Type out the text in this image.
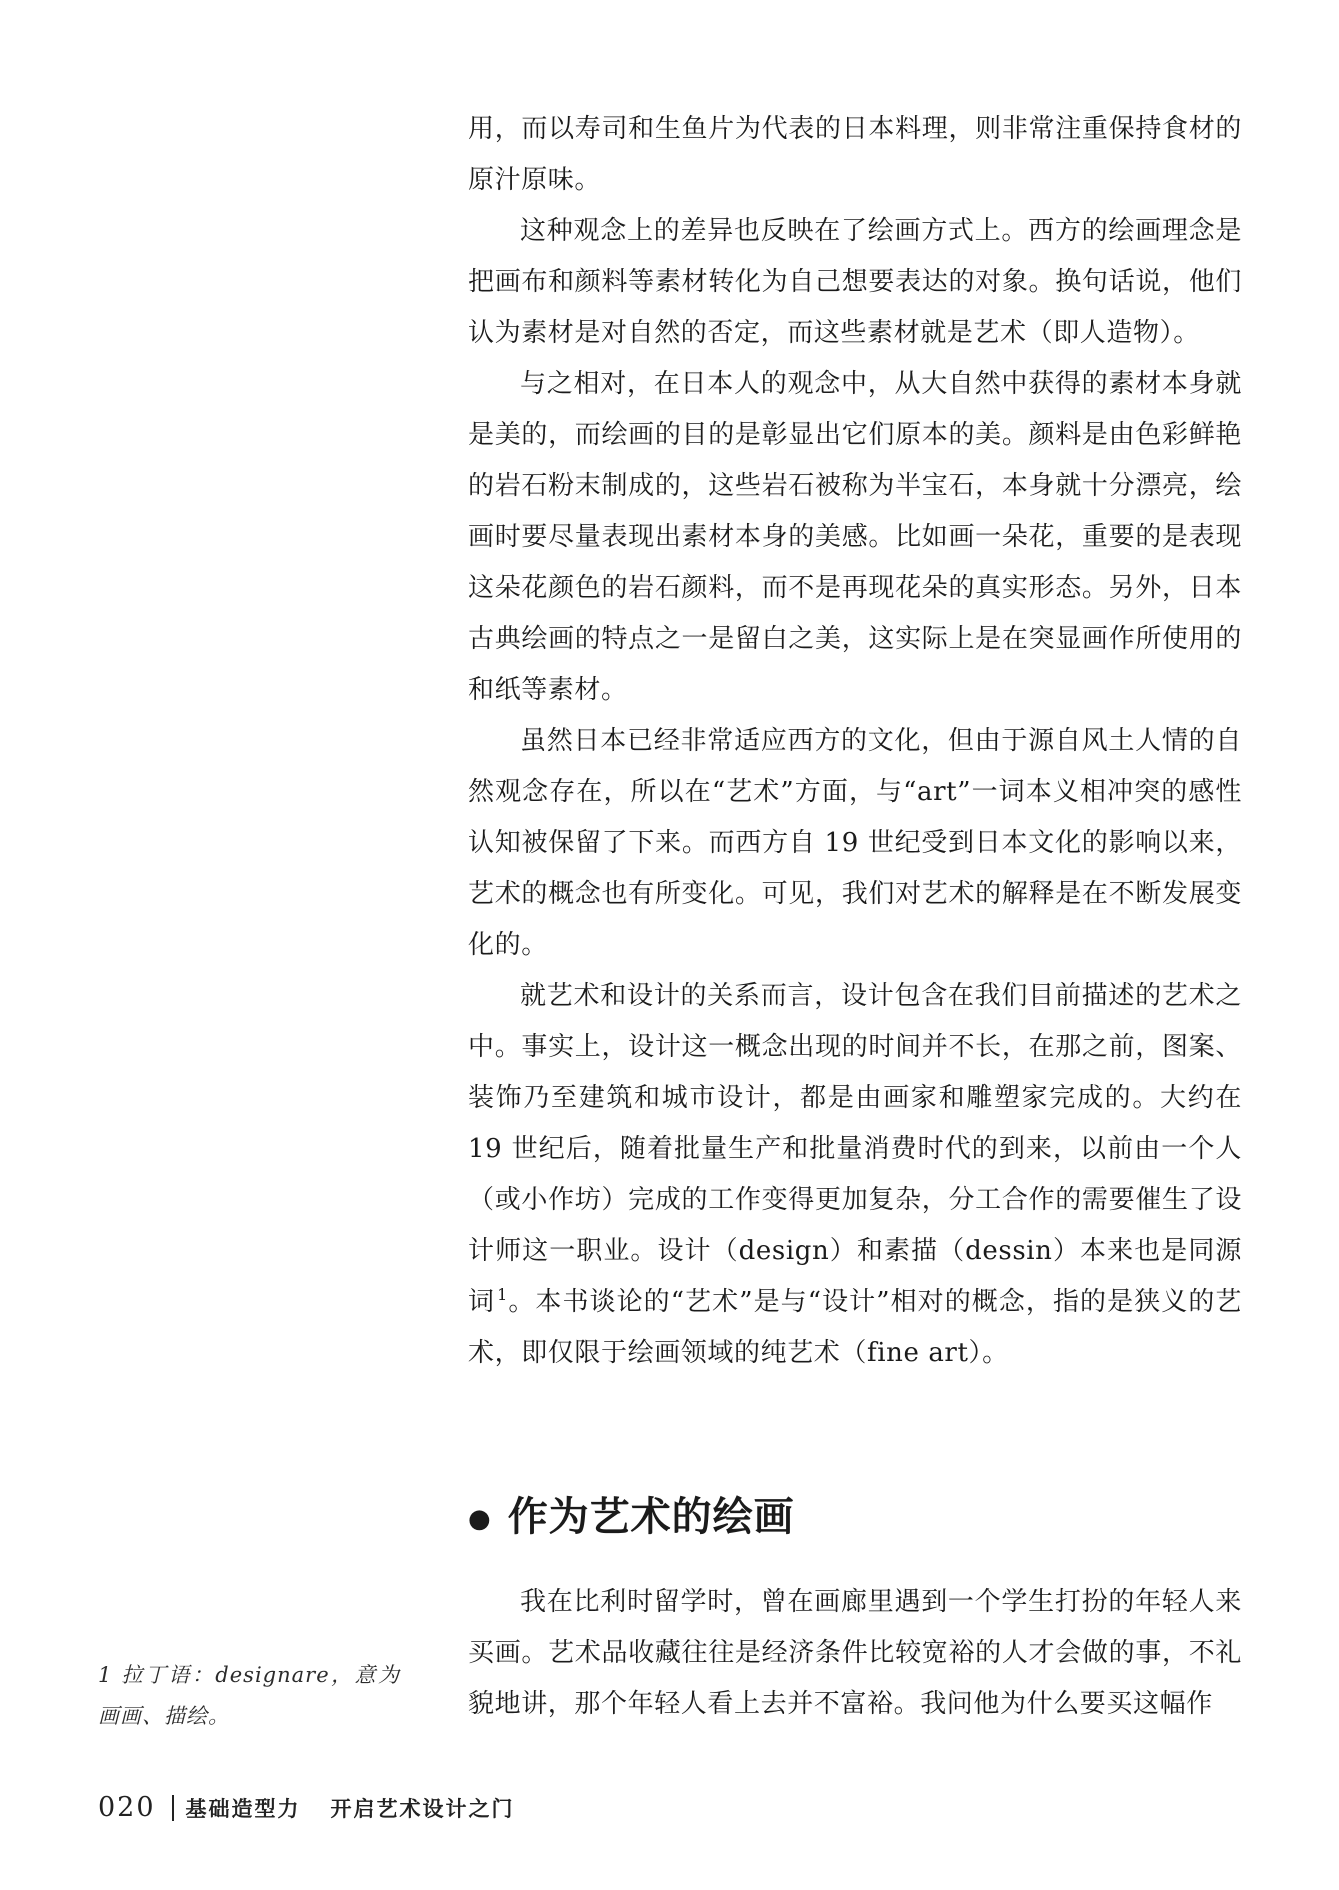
用，而以寿司和生鱼片为代表的日本料理，则非常注重保持食材的原汁原味。

这种观念上的差异也反映在了绘画方式上。西方的绘画理念是把画布和颜料等素材转化为自己想要表达的对象。换句话说，他们认为素材是对自然的否定，而这些素材就是艺术（即人造物）。

与之相对，在日本人的观念中，从大自然中获得的素材本身就是美的，而绘画的目的是彰显出它们原本的美。颜料是由色彩鲜艳的岩石粉末制成的，这些岩石被称为半宝石，本身就十分漂亮，绘画时要尽量表现出素材本身的美感。比如画一朵花，重要的是表现这朵花颜色的岩石颜料，而不是再现花朵的真实形态。另外，日本古典绘画的特点之一是留白之美，这实际上是在突显画作所使用的和纸等素材。

虽然日本已经非常适应西方的文化，但由于源自风土人情的自然观念存在，所以在“艺术”方面，与“art”一词本义相冲突的感性认知被保留了下来。而西方自 19 世纪受到日本文化的影响以来，艺术的概念也有所变化。可见，我们对艺术的解释是在不断发展变化的。

就艺术和设计的关系而言，设计包含在我们目前描述的艺术之中。事实上，设计这一概念出现的时间并不长，在那之前，图案、装饰乃至建筑和城市设计，都是由画家和雕塑家完成的。大约在 19 世纪后，随着批量生产和批量消费时代的到来，以前由一个人（或小作坊）完成的工作变得更加复杂，分工合作的需要催生了设计师这一职业。设计（design）和素描（dessin）本来也是同源词 $^1$。本书谈论的“艺术”是与“设计”相对的概念，指的是狭义的艺术，即仅限于绘画领域的纯艺术（fine art）。

● 作为艺术的绘画

我在比利时留学时，曾在画廊里遇到一个学生打扮的年轻人来买画。艺术品收藏往往是经济条件比较宽裕的人才会做的事，不礼貌地讲，那个年轻人看上去并不富裕。我问他为什么要买这幅作

1 拉丁语：designare，意为画画、描绘。
020 基础造型力 开启艺术设计之门
